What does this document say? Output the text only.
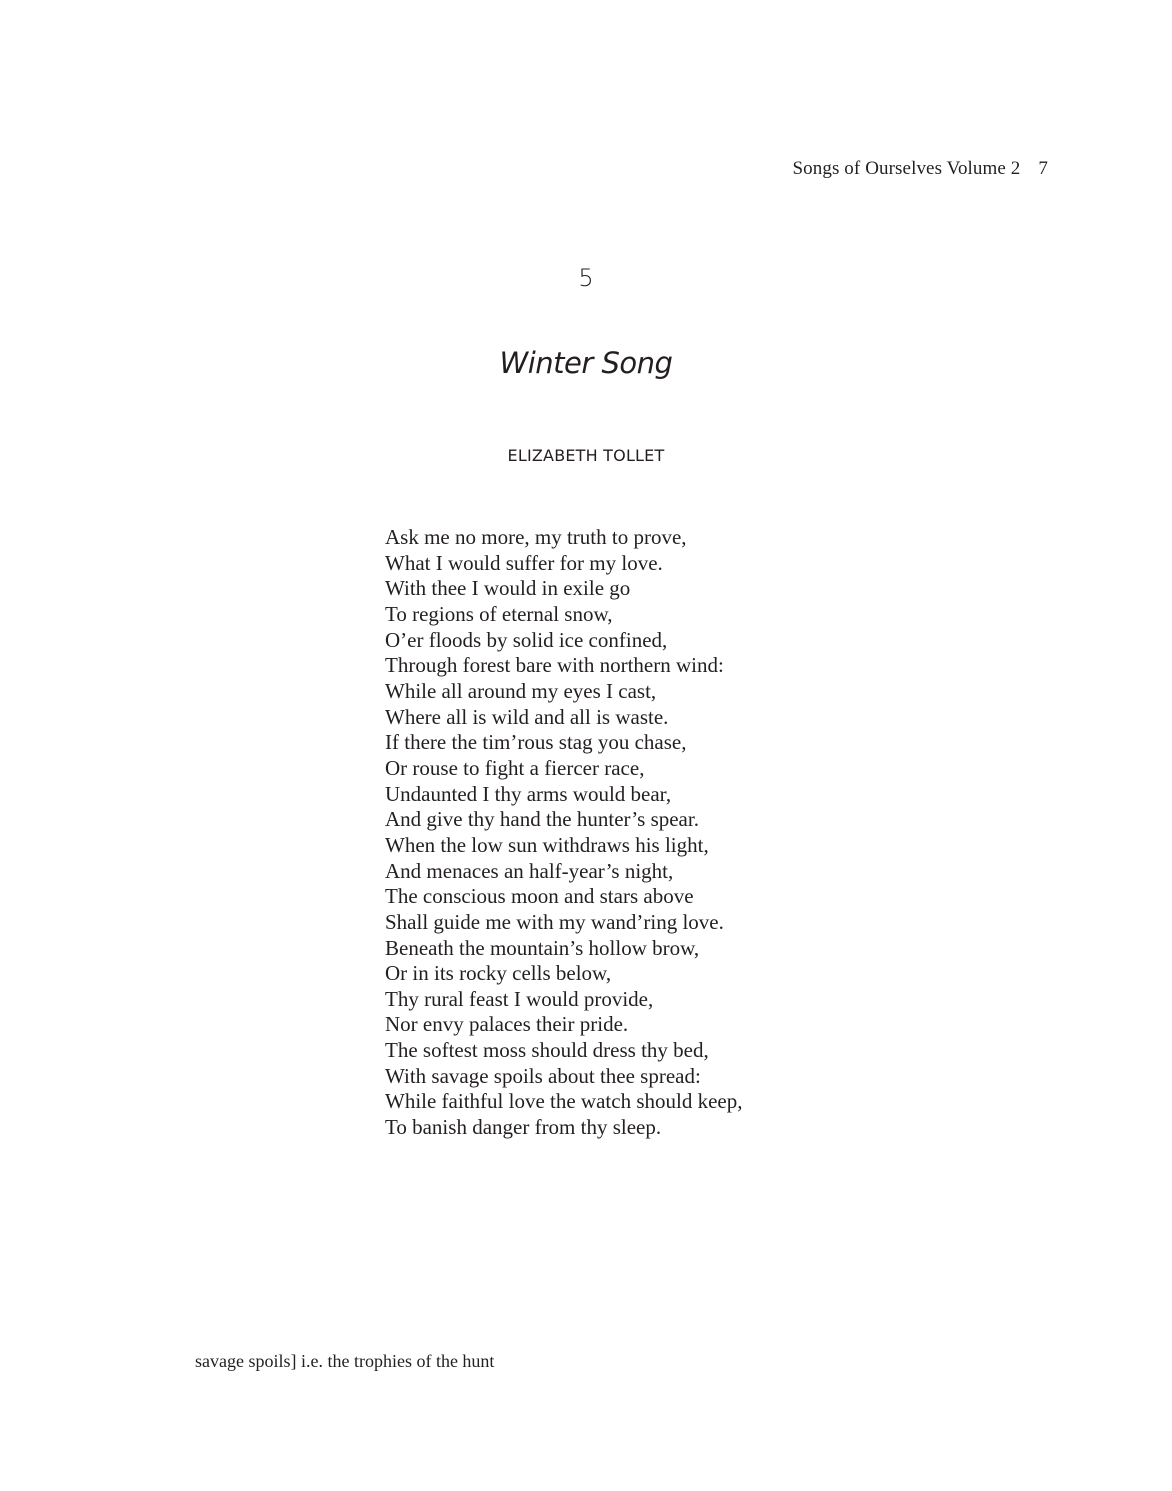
Songs of Ourselves Volume 2 7
5
Winter Song
ELIZABETH TOLLET
Ask me no more, my truth to prove,
What I would suffer for my love.
With thee I would in exile go
To regions of eternal snow,
O’er floods by solid ice confined,
Through forest bare with northern wind:
While all around my eyes I cast,
Where all is wild and all is waste.
If there the tim’rous stag you chase,
Or rouse to fight a fiercer race,
Undaunted I thy arms would bear,
And give thy hand the hunter’s spear.
When the low sun withdraws his light,
And menaces an half-year’s night,
The conscious moon and stars above
Shall guide me with my wand’ring love.
Beneath the mountain’s hollow brow,
Or in its rocky cells below,
Thy rural feast I would provide,
Nor envy palaces their pride.
The softest moss should dress thy bed,
With savage spoils about thee spread:
While faithful love the watch should keep,
To banish danger from thy sleep.
savage spoils] i.e. the trophies of the hunt
